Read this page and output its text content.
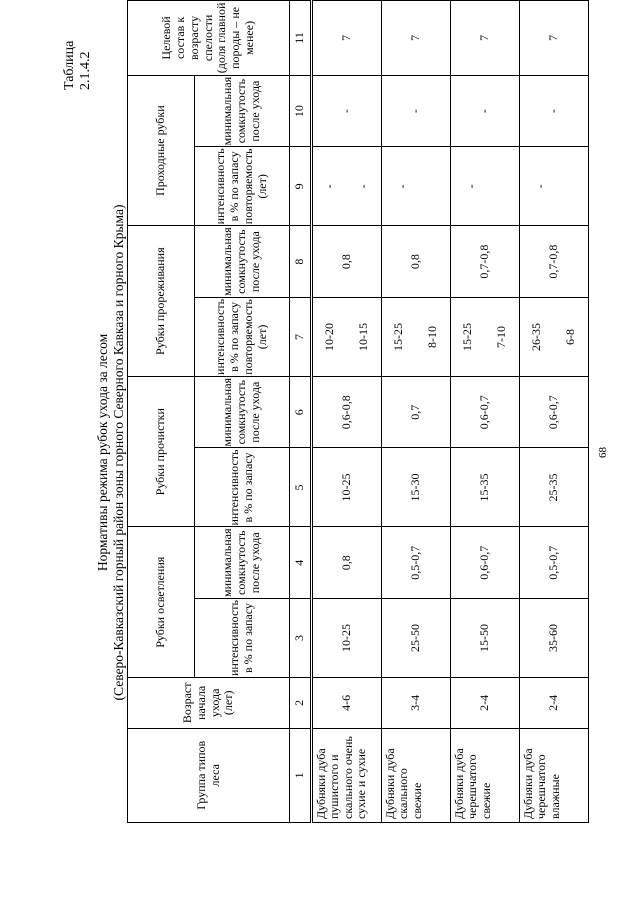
Таблица 2.1.4.2
Нормативы режима рубок ухода за лесом (Северо-Кавказский горный район зоны горного Северного Кавказа и горного Крыма)
Группа типов леса	Возраст начала ухода (лет)	Рубки осветления		Рубки прочистки		Рубки прореживания		Проходные рубки		Целевой состав к возрасту спелости (доля главной породы – не менее)
		интенсивность в % по запасу	минимальная сомкнутость после ухода	интенсивность в % по запасу	минимальная сомкнутость после ухода	интенсивность в % по запасу повторяемость (лет)	минимальная сомкнутость после ухода	интенсивность в % по запасу повторяемость (лет)	минимальная сомкнутость после ухода	
1	2	3	4	5	6	7	8	9	10	11
Дубняки дуба пушистого и скального очень сухие и сухие	4-6	10-25	0,8	10-25	0,6-0,8	10-20 10-15	0,8	- -	-	7
Дубняки дуба скального свежие	3-4	25-50	0,5-0,7	15-30	0,7	15-25 8-10	0,8	-	-	7
Дубняки дуба черешчатого свежие	2-4	15-50	0,6-0,7	15-35	0,6-0,7	15-25 7-10	0,7-0,8	-	-	7
Дубняки дуба черешчатого влажные	2-4	35-60	0,5-0,7	25-35	0,6-0,7	26-35 6-8	0,7-0,8	-	-	7
68
